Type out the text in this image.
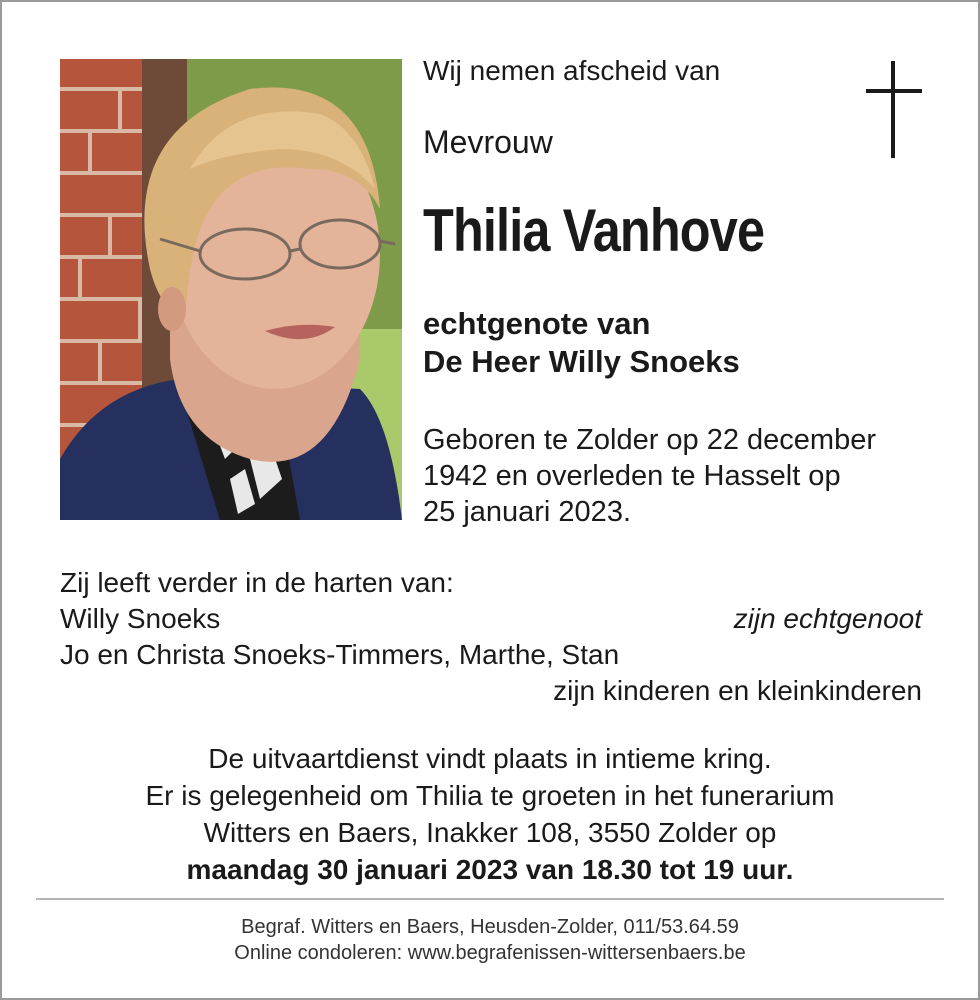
Wij nemen afscheid van
Mevrouw
Thilia Vanhove
echtgenote van
De Heer Willy Snoeks
Geboren te Zolder op 22 december
1942 en overleden te Hasselt op
25 januari 2023.
Zij leeft verder in de harten van:
Willy Snoeks	zijn echtgenoot
Jo en Christa Snoeks-Timmers, Marthe, Stan
zijn kinderen en kleinkinderen
De uitvaartdienst vindt plaats in intieme kring.
Er is gelegenheid om Thilia te groeten in het funerarium
Witters en Baers, Inakker 108, 3550 Zolder op
maandag 30 januari 2023 van 18.30 tot 19 uur.
Begraf. Witters en Baers, Heusden-Zolder, 011/53.64.59
Online condoleren: www.begrafenissen-wittersenbaers.be
